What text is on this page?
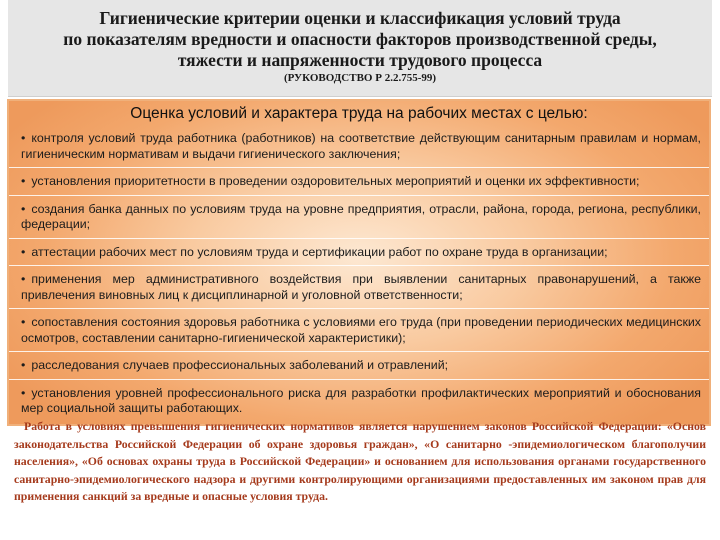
Гигиенические критерии оценки и классификация условий труда
по показателям вредности и опасности факторов производственной среды,
тяжести и напряженности трудового процесса
(РУКОВОДСТВО Р 2.2.755-99)
Оценка условий и характера труда на рабочих местах с целью:
• контроля условий труда работника (работников) на соответствие действующим санитарным правилам и нормам, гигиеническим нормативам и выдачи гигиенического заключения;
• установления приоритетности в проведении оздоровительных мероприятий и оценки их эффективности;
• создания банка данных по условиям труда на уровне предприятия, отрасли, района, города, региона, республики, федерации;
• аттестации рабочих мест по условиям труда и сертификации работ по охране труда в организации;
• применения мер административного воздействия при выявлении санитарных правонарушений, а также привлечения виновных лиц к дисциплинарной и уголовной ответственности;
• сопоставления состояния здоровья работника с условиями его труда (при проведении периодических медицинских осмотров, составлении санитарно-гигиенической характеристики);
• расследования случаев профессиональных заболеваний и отравлений;
• установления уровней профессионального риска для разработки профилактических мероприятий и обоснования мер социальной защиты работающих.
Работа в условиях превышения гигиенических нормативов является нарушением законов Российской Федерации: «Основ законодательства Российской Федерации об охране здоровья граждан», «О санитарно -эпидемиологическом благополучии населения», «Об основах охраны труда в Российской Федерации» и основанием для использования органами государственного санитарно-эпидемиологического надзора и другими контролирующими организациями предоставленных им законом прав для применения санкций за вредные и опасные условия труда.
